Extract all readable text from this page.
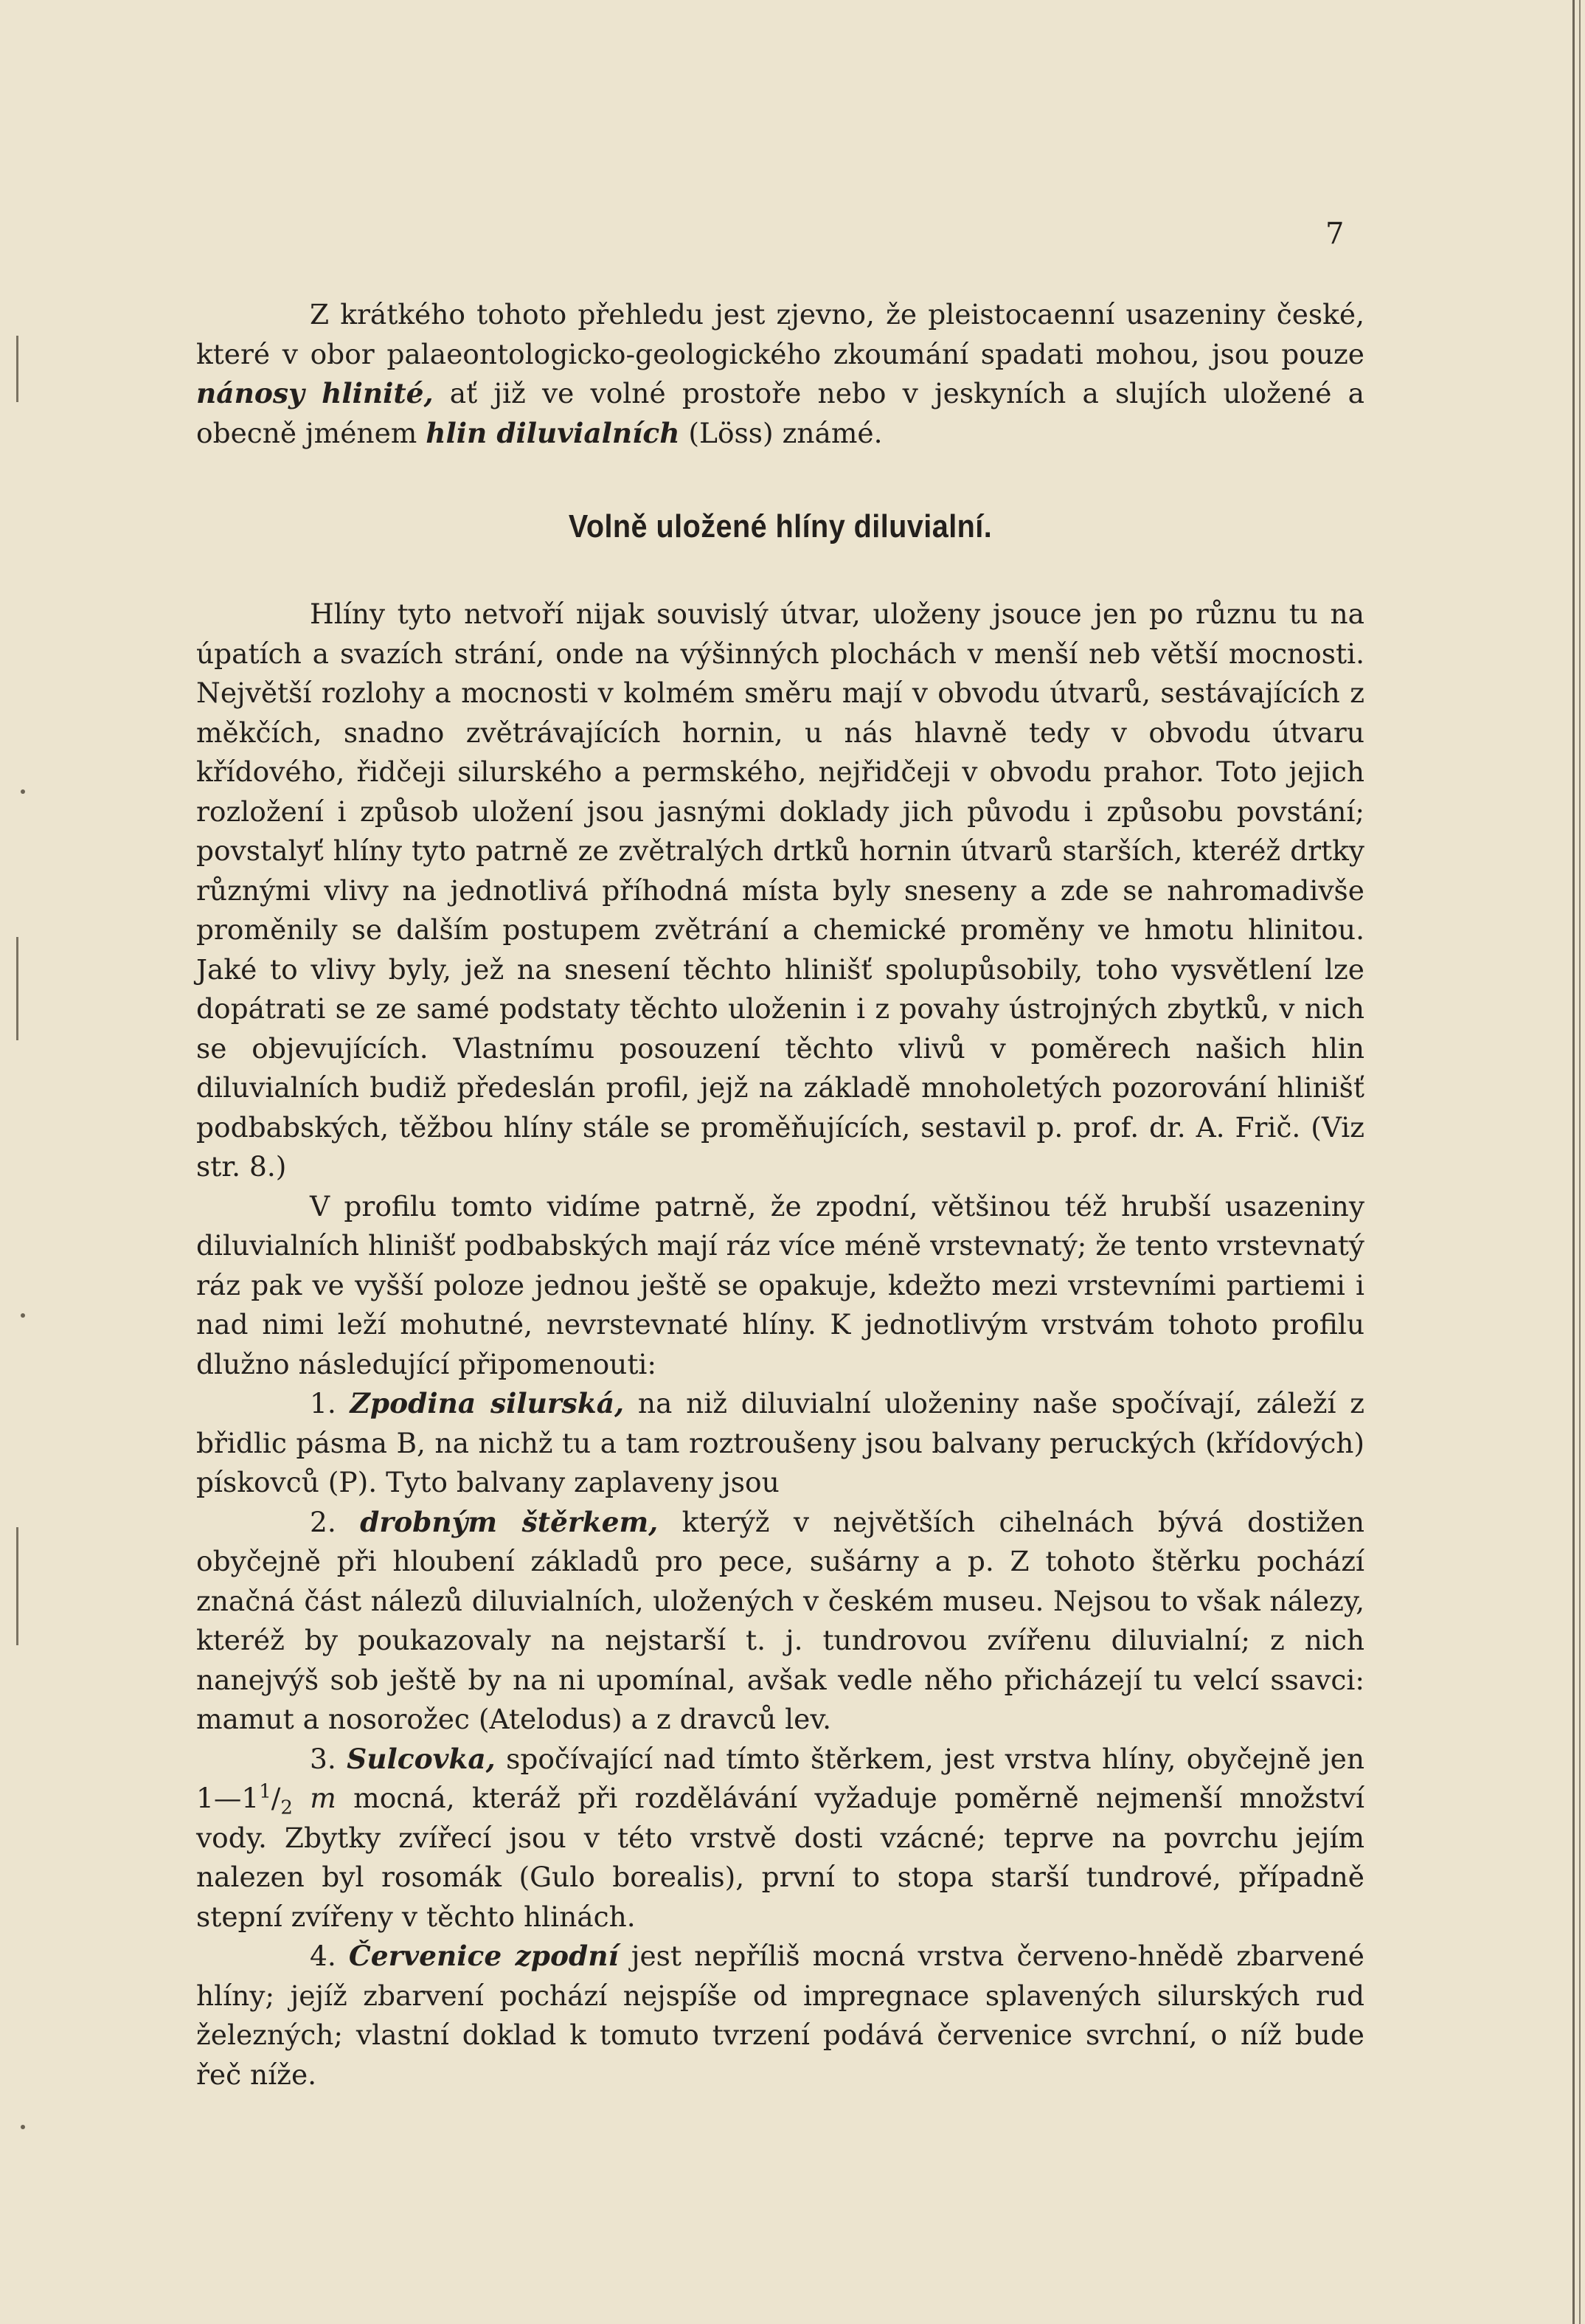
7

Z krátkého tohoto přehledu jest zjevno, že pleistocaenní usazeniny české, které v obor palaeontologicko-geologického zkoumání spadati mohou, jsou pouze nánosy hlinité, ať již ve volné prostoře nebo v jeskyních a slujích uložené a obecně jménem hlin diluvialních (Löss) známé.

Volně uložené hlíny diluvialní.

Hlíny tyto netvoří nijak souvislý útvar, uloženy jsouce jen po různu tu na úpatích a svazích strání, onde na výšinných plochách v menší neb větší mocnosti. Největší rozlohy a mocnosti v kolmém směru mají v obvodu útvarů, sestávajících z měkčích, snadno zvětrávajících hornin, u nás hlavně tedy v obvodu útvaru křídového, řidčeji silurského a permského, nejřidčeji v obvodu prahor. Toto jejich rozložení i způsob uložení jsou jasnými doklady jich původu i způsobu povstání; povstalyť hlíny tyto patrně ze zvětralých drtků hornin útvarů starších, kteréž drtky různými vlivy na jednotlivá příhodná místa byly sneseny a zde se nahromadivše proměnily se dalším postupem zvětrání a chemické proměny ve hmotu hlinitou. Jaké to vlivy byly, jež na snesení těchto hlinišť spolupůsobily, toho vysvětlení lze dopátrati se ze samé podstaty těchto uloženin i z povahy ústrojných zbytků, v nich se objevujících. Vlastnímu posouzení těchto vlivů v poměrech našich hlin diluvialních budiž předeslán profil, jejž na základě mnoholetých pozorování hlinišť podbabských, těžbou hlíny stále se proměňujících, sestavil p. prof. dr. A. Frič. (Viz str. 8.)

V profilu tomto vidíme patrně, že zpodní, většinou též hrubší usazeniny diluvialních hlinišť podbabských mají ráz více méně vrstevnatý; že tento vrstevnatý ráz pak ve vyšší poloze jednou ještě se opakuje, kdežto mezi vrstevními partiemi i nad nimi leží mohutné, nevrstevnaté hlíny. K jednotlivým vrstvám tohoto profilu dlužno následující připomenouti:

1. Zpodina silurská, na niž diluvialní uloženiny naše spočívají, záleží z břidlic pásma B, na nichž tu a tam roztroušeny jsou balvany peruckých (křídových) pískovců (P). Tyto balvany zaplaveny jsou

2. drobným štěrkem, kterýž v největších cihelnách bývá dostižen obyčejně při hloubení základů pro pece, sušárny a p. Z tohoto štěrku pochází značná část nálezů diluvialních, uložených v českém museu. Nejsou to však nálezy, kteréž by poukazovaly na nejstarší t. j. tundrovou zvířenu diluvialní; z nich nanejvýš sob ještě by na ni upomínal, avšak vedle něho přicházejí tu velcí ssavci: mamut a nosorožec (Atelodus) a z dravců lev.

3. Sulcovka, spočívající nad tímto štěrkem, jest vrstva hlíny, obyčejně jen $1—1^1/_2$ m mocná, kteráž při rozdělávání vyžaduje poměrně nejmenší množství vody. Zbytky zvířecí jsou v této vrstvě dosti vzácné; teprve na povrchu jejím nalezen byl rosomák (Gulo borealis), první to stopa starší tundrové, případně stepní zvířeny v těchto hlinách.

4. Červenice zpodní jest nepříliš mocná vrstva červeno-hnědě zbarvené hlíny; jejíž zbarvení pochází nejspíše od impregnace splavených silurských rud železných; vlastní doklad k tomuto tvrzení podává červenice svrchní, o níž bude řeč níže.
